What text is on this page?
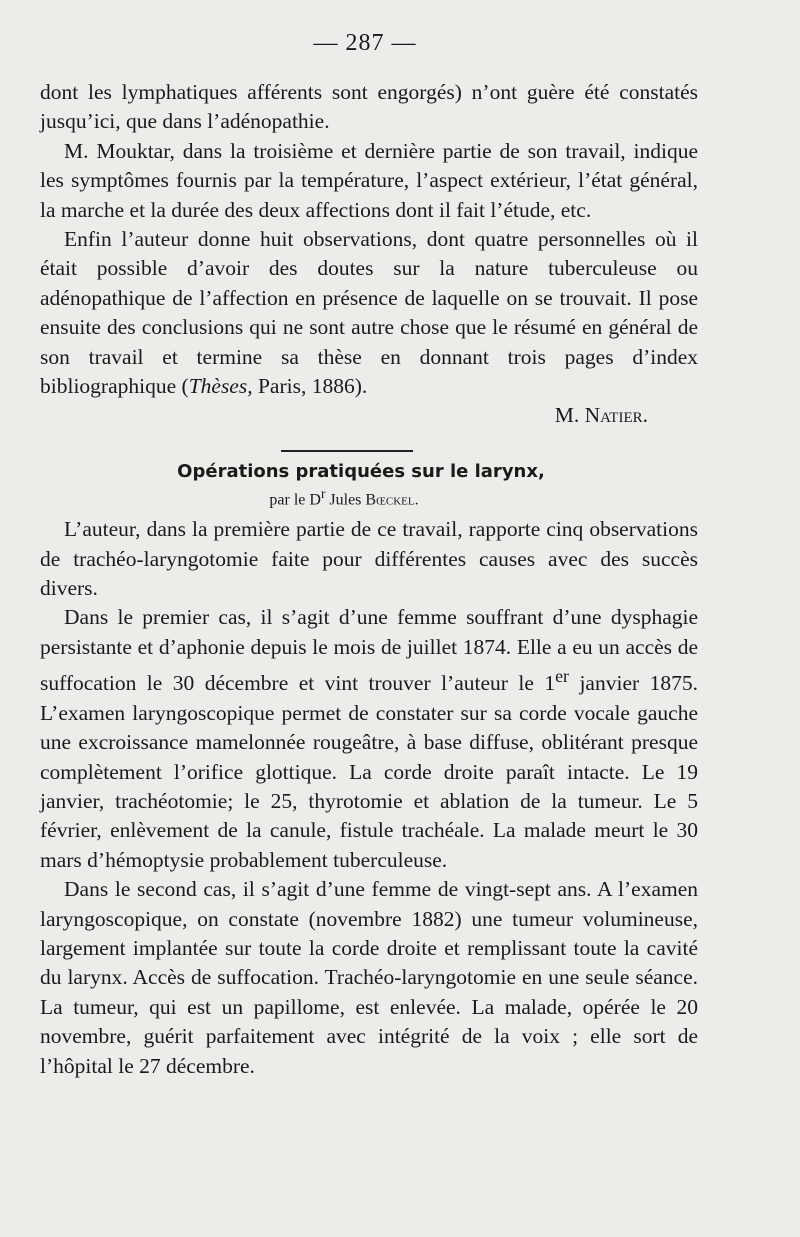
— 287 —

dont les lymphatiques afférents sont engorgés) n’ont guère été constatés jusqu’ici, que dans l’adénopathie.

M. Mouktar, dans la troisième et dernière partie de son travail, indique les symptômes fournis par la température, l’aspect extérieur, l’état général, la marche et la durée des deux affections dont il fait l’étude, etc.

Enfin l’auteur donne huit observations, dont quatre personnelles où il était possible d’avoir des doutes sur la nature tuberculeuse ou adénopathique de l’affection en présence de laquelle on se trouvait. Il pose ensuite des conclusions qui ne sont autre chose que le résumé en général de son travail et termine sa thèse en donnant trois pages d’index bibliographique (Thèses, Paris, 1886).

M. Natier.
Opérations pratiquées sur le larynx,
par le $D^r$ Jules Bœckel.

L’auteur, dans la première partie de ce travail, rapporte cinq observations de trachéo-laryngotomie faite pour différentes causes avec des succès divers.

Dans le premier cas, il s’agit d’une femme souffrant d’une dysphagie persistante et d’aphonie depuis le mois de juillet 1874. Elle a eu un accès de suffocation le 30 décembre et vint trouver l’auteur le 1er janvier 1875. L’examen laryngoscopique permet de constater sur sa corde vocale gauche une excroissance mamelonnée rougeâtre, à base diffuse, oblitérant presque complètement l’orifice glottique. La corde droite paraît intacte. Le 19 janvier, trachéotomie; le 25, thyrotomie et ablation de la tumeur. Le 5 février, enlèvement de la canule, fistule trachéale. La malade meurt le 30 mars d’hémoptysie probablement tuberculeuse.

Dans le second cas, il s’agit d’une femme de vingt-sept ans. A l’examen laryngoscopique, on constate (novembre 1882) une tumeur volumineuse, largement implantée sur toute la corde droite et remplissant toute la cavité du larynx. Accès de suffocation. Trachéo-laryngotomie en une seule séance. La tumeur, qui est un papillome, est enlevée. La malade, opérée le 20 novembre, guérit parfaitement avec intégrité de la voix ; elle sort de l’hôpital le 27 décembre.
